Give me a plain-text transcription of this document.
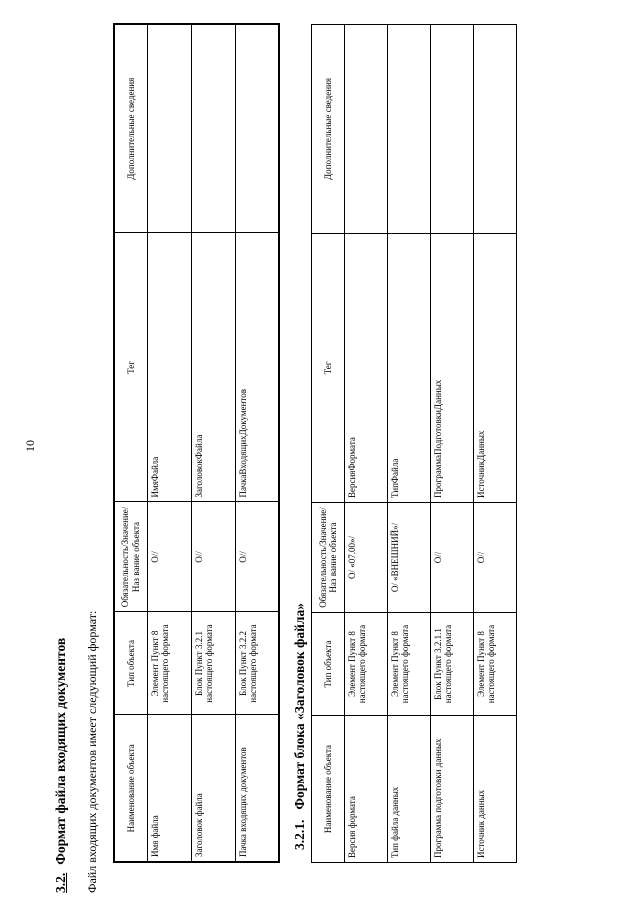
10
3.2.Формат файла входящих документов Файл входящих документов имеет следующий формат:	Наименование объекта	Тип объекта	Обязательность/Значение/Наз вание объекта	Тег	Дополнительные сведения
Имя файла	Элемент Пункт 8 настоящего формата	О//	ИмяФайла	
Заголовок файла	Блок Пункт 3.2.1 настоящего формата	О//	ЗаголовокФайла	
Пачка входящих документов	Блок Пункт 3.2.2 настоящего формата	О//	ПачкаВходящихДокументов	
3.2.1.Формат блока «Заголовок файла» Наименование объекта	Тип объекта	Обязательность/Значение/Наз вание объекта	Тег	Дополнительные сведения
Версия формата	Элемент Пункт 8 настоящего формата	О/ «07.00»/	ВерсияФормата	
Тип файла данных	Элемент Пункт 8 настоящего формата	О/ «ВНЕШНИЙ»/	ТипФайла	
Программа подготовки данных	Блок Пункт 3.2.1.1 настоящего формата	О//	ПрограммаПодготовкиДанных	
Источник данных	Элемент Пункт 8 настоящего формата	О//	ИсточникДанных	
